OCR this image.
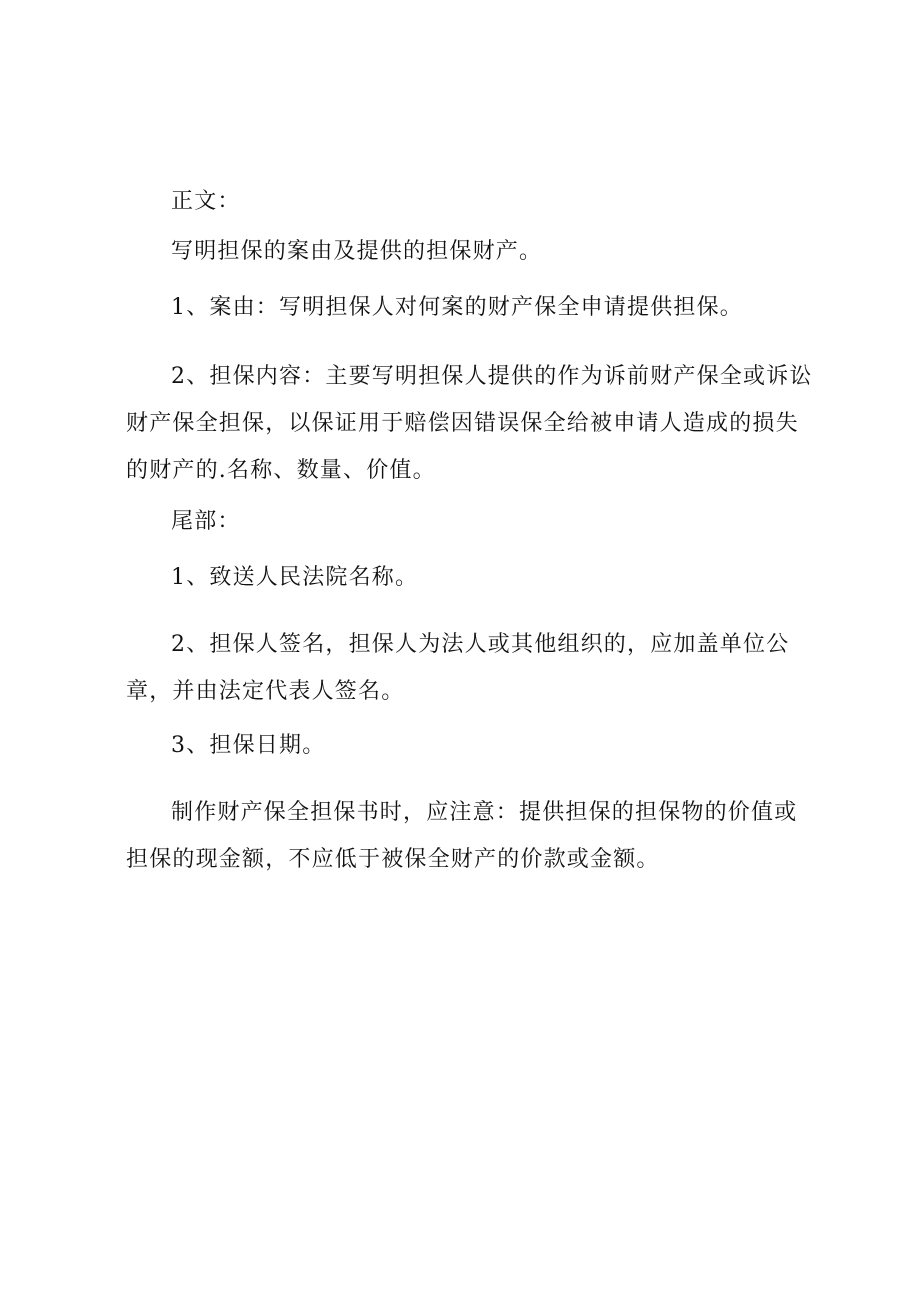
正文：
写明担保的案由及提供的担保财产。
1、案由：写明担保人对何案的财产保全申请提供担保。
2、担保内容：主要写明担保人提供的作为诉前财产保全或诉讼
财产保全担保，以保证用于赔偿因错误保全给被申请人造成的损失
的财产的.名称、数量、价值。
尾部：
1、致送人民法院名称。
2、担保人签名，担保人为法人或其他组织的，应加盖单位公
章，并由法定代表人签名。
3、担保日期。
制作财产保全担保书时，应注意：提供担保的担保物的价值或
担保的现金额，不应低于被保全财产的价款或金额。
